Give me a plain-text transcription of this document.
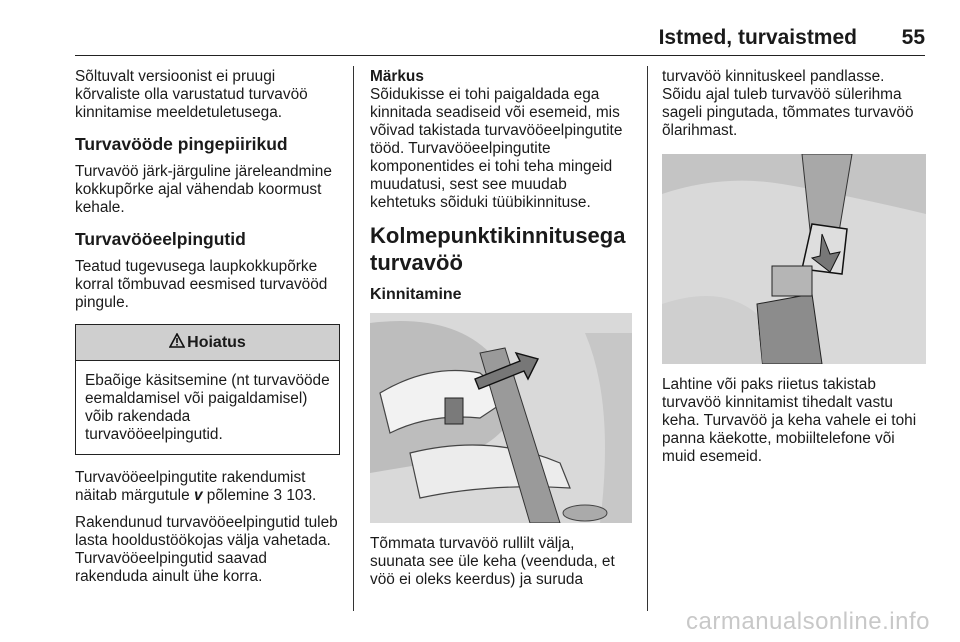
Istmed, turvaistmed 55

Sõltuvalt versioonist ei pruugi kõrvaliste olla varustatud turvavöö kinnitamise meeldetuletusega.

Turvavööde pingepiirikud

Turvavöö järk-järguline järeleandmine kokkupõrke ajal vähendab koormust kehale.

Turvavööeelpingutid

Teatud tugevusega laupkokkupõrke korral tõmbuvad eesmised turvavööd pingule.

Hoiatus
Ebaõige käsitsemine (nt turvavööde eemaldamisel või paigaldamisel) võib rakendada turvavööeelpingutid.

Turvavööeelpingutite rakendumist näitab märgutule v põlemine 3 103.

Rakendunud turvavööeelpingutid tuleb lasta hooldustöökojas välja vahetada. Turvavööeelpingutid saavad rakenduda ainult ühe korra.

Märkus

Sõidukisse ei tohi paigaldada ega kinnitada seadiseid või esemeid, mis võivad takistada turvavööeelpingutite tööd. Turvavööeelpingutite komponentides ei tohi teha mingeid muudatusi, sest see muudab kehtetuks sõiduki tüübikinnituse.

Kolmepunktikinnitusega turvavöö
Kinnitamine

Tõmmata turvavöö rullilt välja, suunata see üle keha (veenduda, et vöö ei oleks keerdus) ja suruda

turvavöö kinnituskeel pandlasse. Sõidu ajal tuleb turvavöö sülerihma sageli pingutada, tõmmates turvavöö õlarihmast.

Lahtine või paks riietus takistab turvavöö kinnitamist tihedalt vastu keha. Turvavöö ja keha vahele ei tohi panna käekotte, mobiiltelefone või muid esemeid.

carmanualsonline.info
